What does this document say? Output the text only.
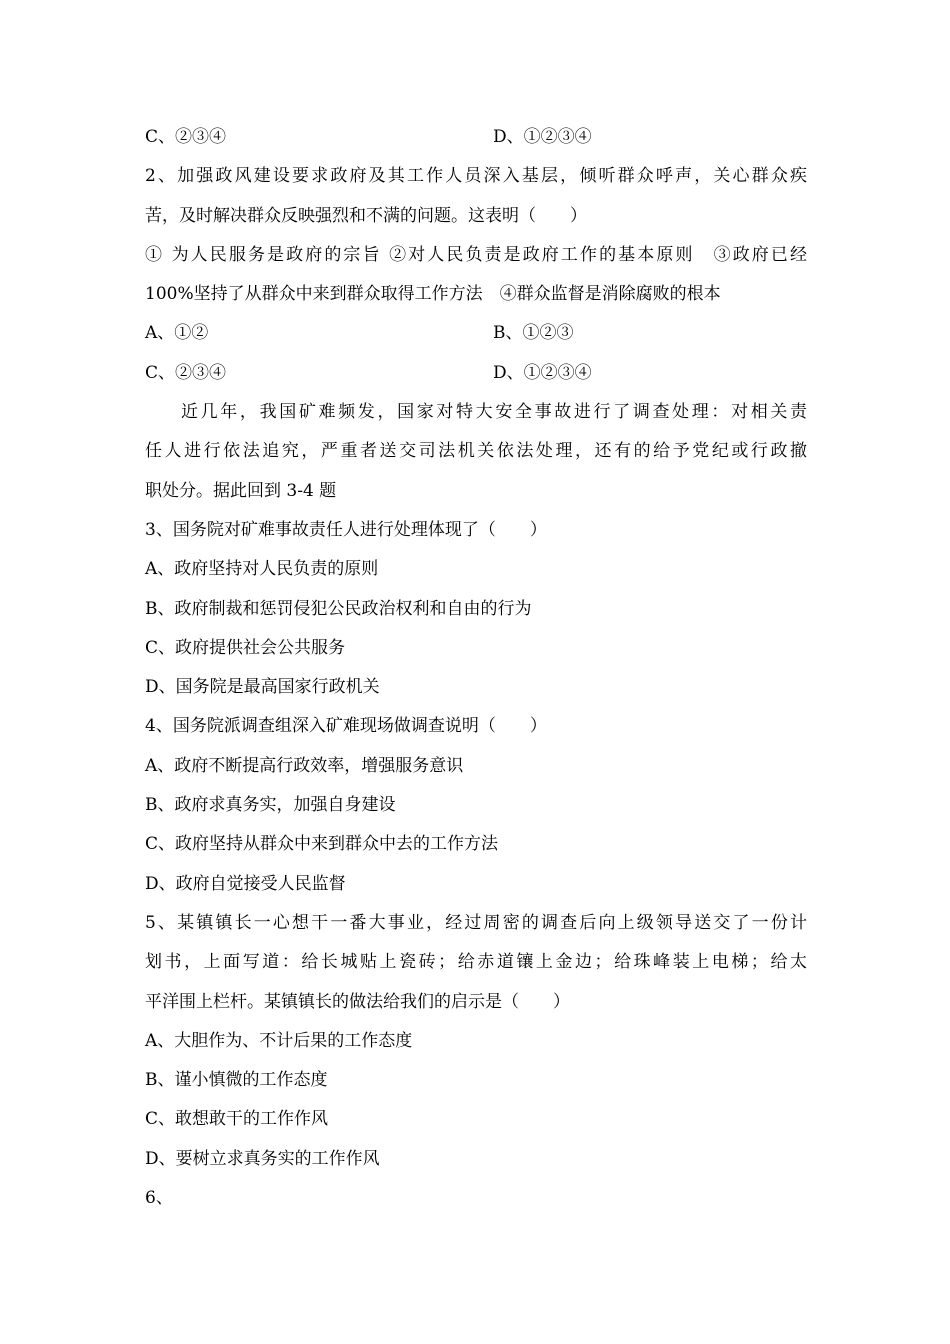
C、②③④	D、①②③④
2、加强政风建设要求政府及其工作人员深入基层，倾听群众呼声，关心群众疾
苦，及时解决群众反映强烈和不满的问题。这表明（　　）
① 为人民服务是政府的宗旨 ②对人民负责是政府工作的基本原则　③政府已经
100%坚持了从群众中来到群众取得工作方法　④群众监督是消除腐败的根本
A、①②	B、①②③
C、②③④	D、①②③④
近几年，我国矿难频发，国家对特大安全事故进行了调查处理：对相关责
任人进行依法追究，严重者送交司法机关依法处理，还有的给予党纪或行政撤
职处分。据此回到 3-4 题
3、国务院对矿难事故责任人进行处理体现了（　　）
A、政府坚持对人民负责的原则
B、政府制裁和惩罚侵犯公民政治权利和自由的行为
C、政府提供社会公共服务
D、国务院是最高国家行政机关
4、国务院派调查组深入矿难现场做调查说明（　　）
A、政府不断提高行政效率，增强服务意识
B、政府求真务实，加强自身建设
C、政府坚持从群众中来到群众中去的工作方法
D、政府自觉接受人民监督
5、某镇镇长一心想干一番大事业，经过周密的调查后向上级领导送交了一份计
划书，上面写道：给长城贴上瓷砖；给赤道镶上金边；给珠峰装上电梯；给太
平洋围上栏杆。某镇镇长的做法给我们的启示是（　　）
A、大胆作为、不计后果的工作态度
B、谨小慎微的工作态度
C、敢想敢干的工作作风
D、要树立求真务实的工作作风
6、
